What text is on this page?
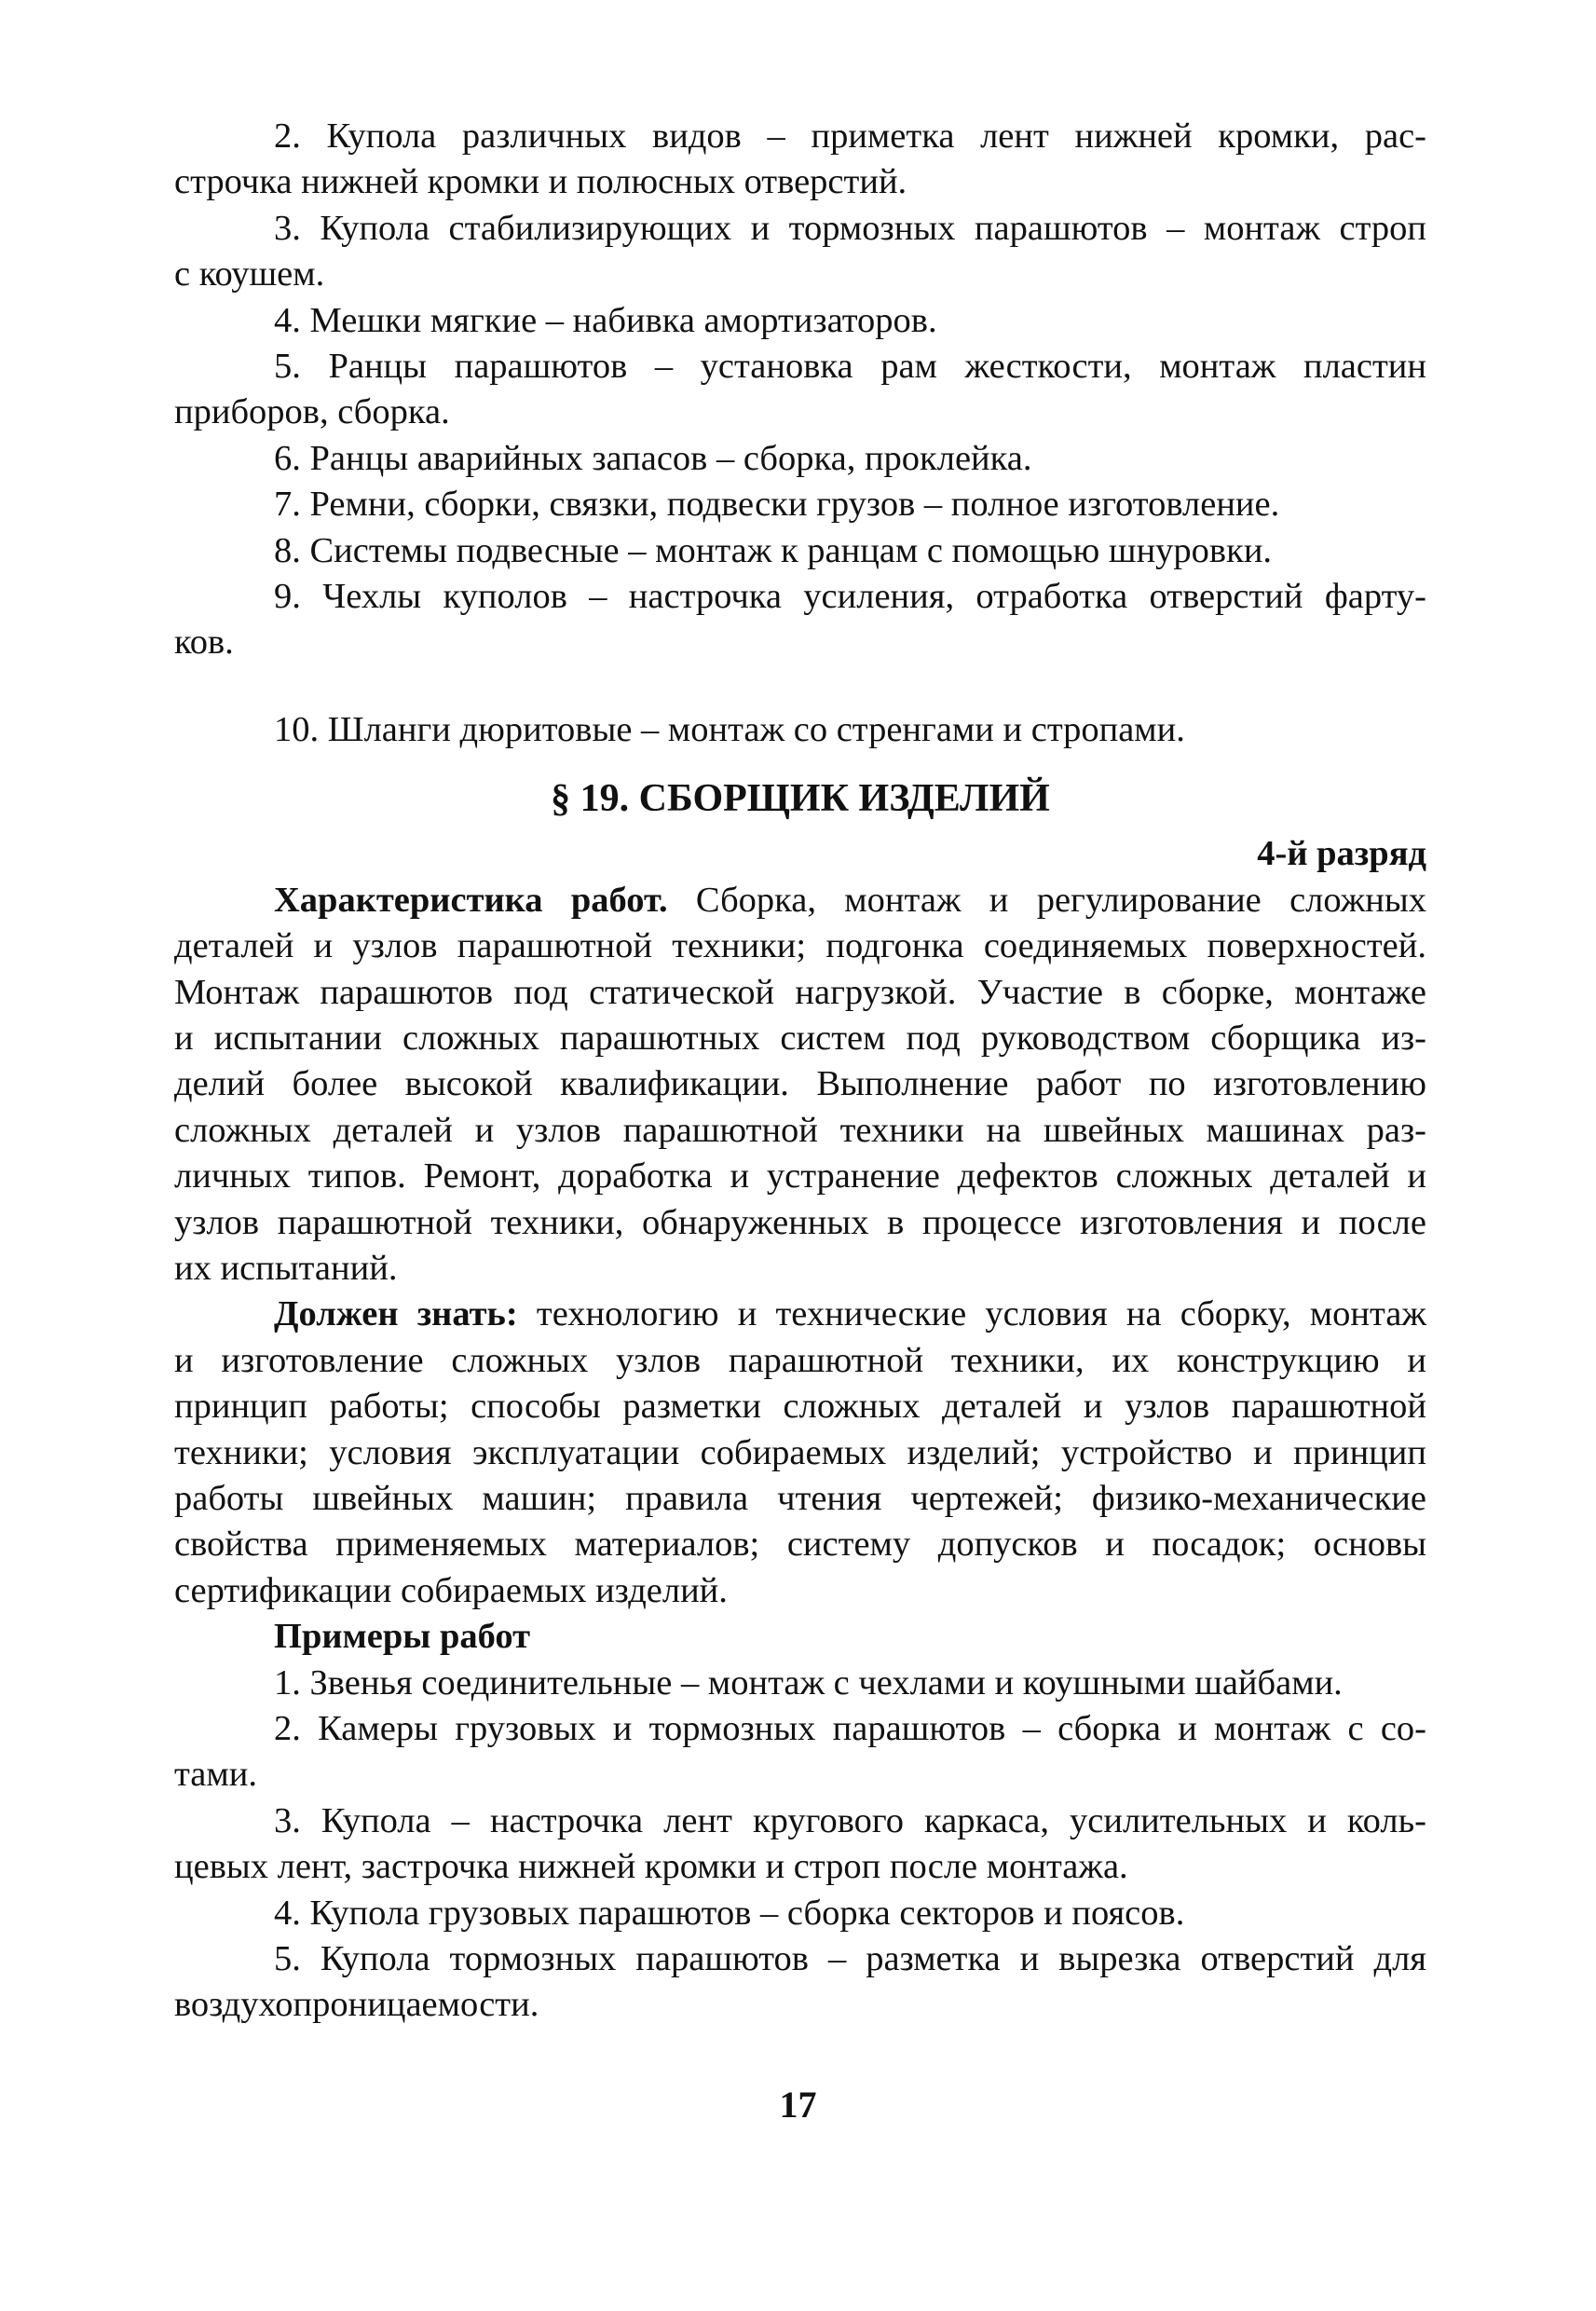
2. Купола различных видов – приметка лент нижней кромки, рас-

строчка нижней кромки и полюсных отверстий.

3. Купола стабилизирующих и тормозных парашютов – монтаж строп

с коушем.

4. Мешки мягкие – набивка амортизаторов.

5. Ранцы парашютов – установка рам жесткости, монтаж пластин

приборов, сборка.

6. Ранцы аварийных запасов – сборка, проклейка.

7. Ремни, сборки, связки, подвески грузов – полное изготовление.

8. Системы подвесные – монтаж к ранцам с помощью шнуровки.

9. Чехлы куполов – настрочка усиления, отработка отверстий фарту-

ков.

10. Шланги дюритовые – монтаж со стренгами и стропами.

§ 19. СБОРЩИК ИЗДЕЛИЙ

4-й разряд

Характеристика работ. Сборка, монтаж и регулирование сложных

деталей и узлов парашютной техники; подгонка соединяемых поверхностей.

Монтаж парашютов под статической нагрузкой. Участие в сборке, монтаже

и испытании сложных парашютных систем под руководством сборщика из-

делий более высокой квалификации. Выполнение работ по изготовлению

сложных деталей и узлов парашютной техники на швейных машинах раз-

личных типов. Ремонт, доработка и устранение дефектов сложных деталей и

узлов парашютной техники, обнаруженных в процессе изготовления и после

их испытаний.

Должен знать: технологию и технические условия на сборку, монтаж

и изготовление сложных узлов парашютной техники, их конструкцию и

принцип работы; способы разметки сложных деталей и узлов парашютной

техники; условия эксплуатации собираемых изделий; устройство и принцип

работы швейных машин; правила чтения чертежей; физико-механические

свойства применяемых материалов; систему допусков и посадок; основы

сертификации собираемых изделий.

Примеры работ

1. Звенья соединительные – монтаж с чехлами и коушными шайбами.

2. Камеры грузовых и тормозных парашютов – сборка и монтаж с со-

тами.

3. Купола – настрочка лент кругового каркаса, усилительных и коль-

цевых лент, застрочка нижней кромки и строп после монтажа.

4. Купола грузовых парашютов – сборка секторов и поясов.

5. Купола тормозных парашютов – разметка и вырезка отверстий для

воздухопроницаемости.

17
